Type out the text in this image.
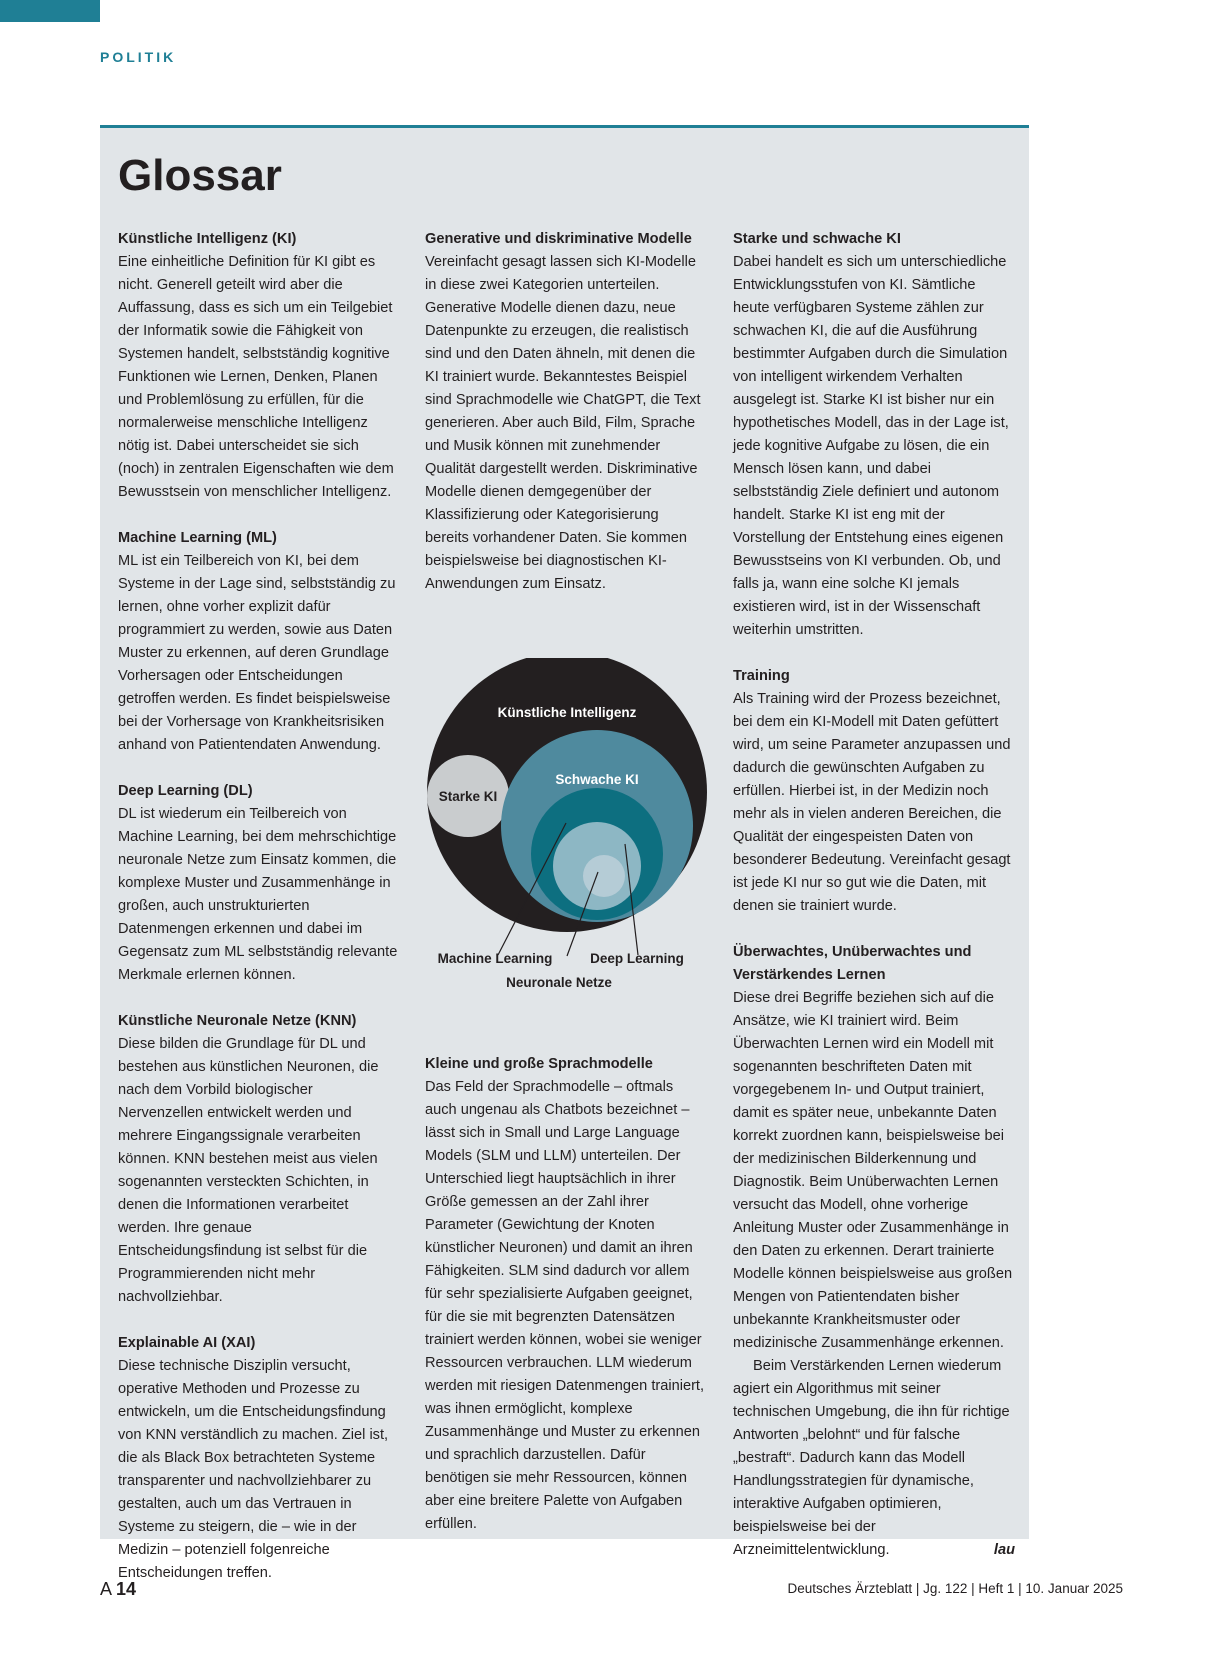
POLITIK
Glossar
Künstliche Intelligenz (KI)

Eine einheitliche Definition für KI gibt es nicht. Generell geteilt wird aber die Auffassung, dass es sich um ein Teilgebiet der Informatik sowie die Fähigkeit von Systemen handelt, selbstständig kognitive Funktionen wie Lernen, Denken, Planen und Problemlösung zu erfüllen, für die normalerweise menschliche Intelligenz nötig ist. Dabei unterscheidet sie sich (noch) in zentralen Eigenschaften wie dem Bewusstsein von menschlicher Intelligenz.

Machine Learning (ML)

ML ist ein Teilbereich von KI, bei dem Systeme in der Lage sind, selbstständig zu lernen, ohne vorher explizit dafür programmiert zu werden, sowie aus Daten Muster zu erkennen, auf deren Grundlage Vorhersagen oder Entscheidungen getroffen werden. Es findet beispielsweise bei der Vorhersage von Krankheitsrisiken anhand von Patientendaten Anwendung.

Deep Learning (DL)

DL ist wiederum ein Teilbereich von Machine Learning, bei dem mehrschichtige neuronale Netze zum Einsatz kommen, die komplexe Muster und Zusammenhänge in großen, auch unstrukturierten Datenmengen erkennen und dabei im Gegensatz zum ML selbstständig relevante Merkmale erlernen können.

Künstliche Neuronale Netze (KNN)

Diese bilden die Grundlage für DL und bestehen aus künstlichen Neuronen, die nach dem Vorbild biologischer Nervenzellen entwickelt werden und mehrere Eingangssignale verarbeiten können. KNN bestehen meist aus vielen sogenannten versteckten Schichten, in denen die Informationen verarbeitet werden. Ihre genaue Entscheidungsfindung ist selbst für die Programmierenden nicht mehr nachvollziehbar.

Explainable AI (XAI)

Diese technische Disziplin versucht, operative Methoden und Prozesse zu entwickeln, um die Entscheidungsfindung von KNN verständlich zu machen. Ziel ist, die als Black Box betrachteten Systeme transparenter und nachvollziehbarer zu gestalten, auch um das Vertrauen in Systeme zu steigern, die – wie in der Medizin – potenziell folgenreiche Entscheidungen treffen.

Generative und diskriminative Modelle

Vereinfacht gesagt lassen sich KI-Modelle in diese zwei Kategorien unterteilen. Generative Modelle dienen dazu, neue Datenpunkte zu erzeugen, die realistisch sind und den Daten ähneln, mit denen die KI trainiert wurde. Bekanntestes Beispiel sind Sprachmodelle wie ChatGPT, die Text generieren. Aber auch Bild, Film, Sprache und Musik können mit zunehmender Qualität dargestellt werden. Diskriminative Modelle dienen demgegenüber der Klassifizierung oder Kategorisierung bereits vorhandener Daten. Sie kommen beispielsweise bei diagnostischen KI-Anwendungen zum Einsatz.

Künstliche Intelligenz
Starke KI
Schwache KI
Machine Learning	Deep Learning
Neuronale Netze
Kleine und große Sprachmodelle

Das Feld der Sprachmodelle – oftmals auch ungenau als Chatbots bezeichnet – lässt sich in Small und Large Language Models (SLM und LLM) unterteilen. Der Unterschied liegt hauptsächlich in ihrer Größe gemessen an der Zahl ihrer Parameter (Gewichtung der Knoten künstlicher Neuronen) und damit an ihren Fähigkeiten. SLM sind dadurch vor allem für sehr spezialisierte Aufgaben geeignet, für die sie mit begrenzten Datensätzen trainiert werden können, wobei sie weniger Ressourcen verbrauchen. LLM wiederum werden mit riesigen Datenmengen trainiert, was ihnen ermöglicht, komplexe Zusammenhänge und Muster zu erkennen und sprachlich darzustellen. Dafür benötigen sie mehr Ressourcen, können aber eine breitere Palette von Aufgaben erfüllen.

Starke und schwache KI

Dabei handelt es sich um unterschiedliche Entwicklungsstufen von KI. Sämtliche heute verfügbaren Systeme zählen zur schwachen KI, die auf die Ausführung bestimmter Aufgaben durch die Simulation von intelligent wirkendem Verhalten ausgelegt ist. Starke KI ist bisher nur ein hypothetisches Modell, das in der Lage ist, jede kognitive Aufgabe zu lösen, die ein Mensch lösen kann, und dabei selbstständig Ziele definiert und autonom handelt. Starke KI ist eng mit der Vorstellung der Entstehung eines eigenen Bewusstseins von KI verbunden. Ob, und falls ja, wann eine solche KI jemals existieren wird, ist in der Wissenschaft weiterhin umstritten.

Training

Als Training wird der Prozess bezeichnet, bei dem ein KI-Modell mit Daten gefüttert wird, um seine Parameter anzupassen und dadurch die gewünschten Aufgaben zu erfüllen. Hierbei ist, in der Medizin noch mehr als in vielen anderen Bereichen, die Qualität der eingespeisten Daten von besonderer Bedeutung. Vereinfacht gesagt ist jede KI nur so gut wie die Daten, mit denen sie trainiert wurde.

Überwachtes, Unüberwachtes und Verstärkendes Lernen

Diese drei Begriffe beziehen sich auf die Ansätze, wie KI trainiert wird. Beim Überwachten Lernen wird ein Modell mit sogenannten beschrifteten Daten mit vorgegebenem In- und Output trainiert, damit es später neue, unbekannte Daten korrekt zuordnen kann, beispielsweise bei der medizinischen Bilderkennung und Diagnostik. Beim Unüberwachten Lernen versucht das Modell, ohne vorherige Anleitung Muster oder Zusammenhänge in den Daten zu erkennen. Derart trainierte Modelle können beispielsweise aus großen Mengen von Patientendaten bisher unbekannte Krankheitsmuster oder medizinische Zusammenhänge erkennen.

Beim Verstärkenden Lernen wiederum agiert ein Algorithmus mit seiner technischen Umgebung, die ihn für richtige Antworten „belohnt“ und für falsche „bestraft“. Dadurch kann das Modell Handlungsstrategien für dynamische, interaktive Aufgaben optimieren, beispielsweise bei der Arzneimittelentwicklung.	lau

A 14	Deutsches Ärzteblatt | Jg. 122 | Heft 1 | 10. Januar 2025
